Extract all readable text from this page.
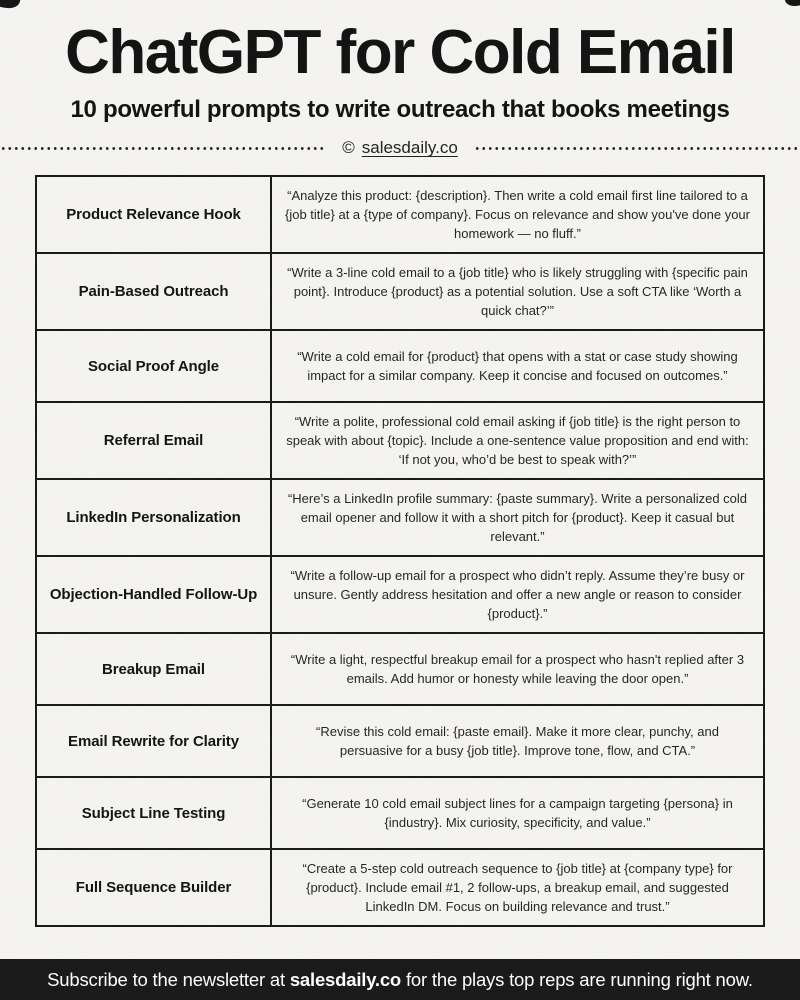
ChatGPT for Cold Email
10 powerful prompts to write outreach that books meetings
© salesdaily.co
Product Relevance Hook	“Analyze this product: {description}. Then write a cold email first line tailored to a {job title} at a {type of company}. Focus on relevance and show you've done your homework — no fluff.”
Pain-Based Outreach	“Write a 3-line cold email to a {job title} who is likely struggling with {specific pain point}. Introduce {product} as a potential solution. Use a soft CTA like ‘Worth a quick chat?’”
Social Proof Angle	“Write a cold email for {product} that opens with a stat or case study showing impact for a similar company. Keep it concise and focused on outcomes.”
Referral Email	“Write a polite, professional cold email asking if {job title} is the right person to speak with about {topic}. Include a one-sentence value proposition and end with: ‘If not you, who’d be best to speak with?’”
LinkedIn Personalization	“Here’s a LinkedIn profile summary: {paste summary}. Write a personalized cold email opener and follow it with a short pitch for {product}. Keep it casual but relevant.”
Objection-Handled Follow-Up	“Write a follow-up email for a prospect who didn’t reply. Assume they’re busy or unsure. Gently address hesitation and offer a new angle or reason to consider {product}.”
Breakup Email	“Write a light, respectful breakup email for a prospect who hasn't replied after 3 emails. Add humor or honesty while leaving the door open.”
Email Rewrite for Clarity	“Revise this cold email: {paste email}. Make it more clear, punchy, and persuasive for a busy {job title}. Improve tone, flow, and CTA.”
Subject Line Testing	“Generate 10 cold email subject lines for a campaign targeting {persona} in {industry}. Mix curiosity, specificity, and value.”
Full Sequence Builder	“Create a 5-step cold outreach sequence to {job title} at {company type} for {product}. Include email #1, 2 follow-ups, a breakup email, and suggested LinkedIn DM. Focus on building relevance and trust.”
Subscribe to the newsletter at salesdaily.co for the plays top reps are running right now.
